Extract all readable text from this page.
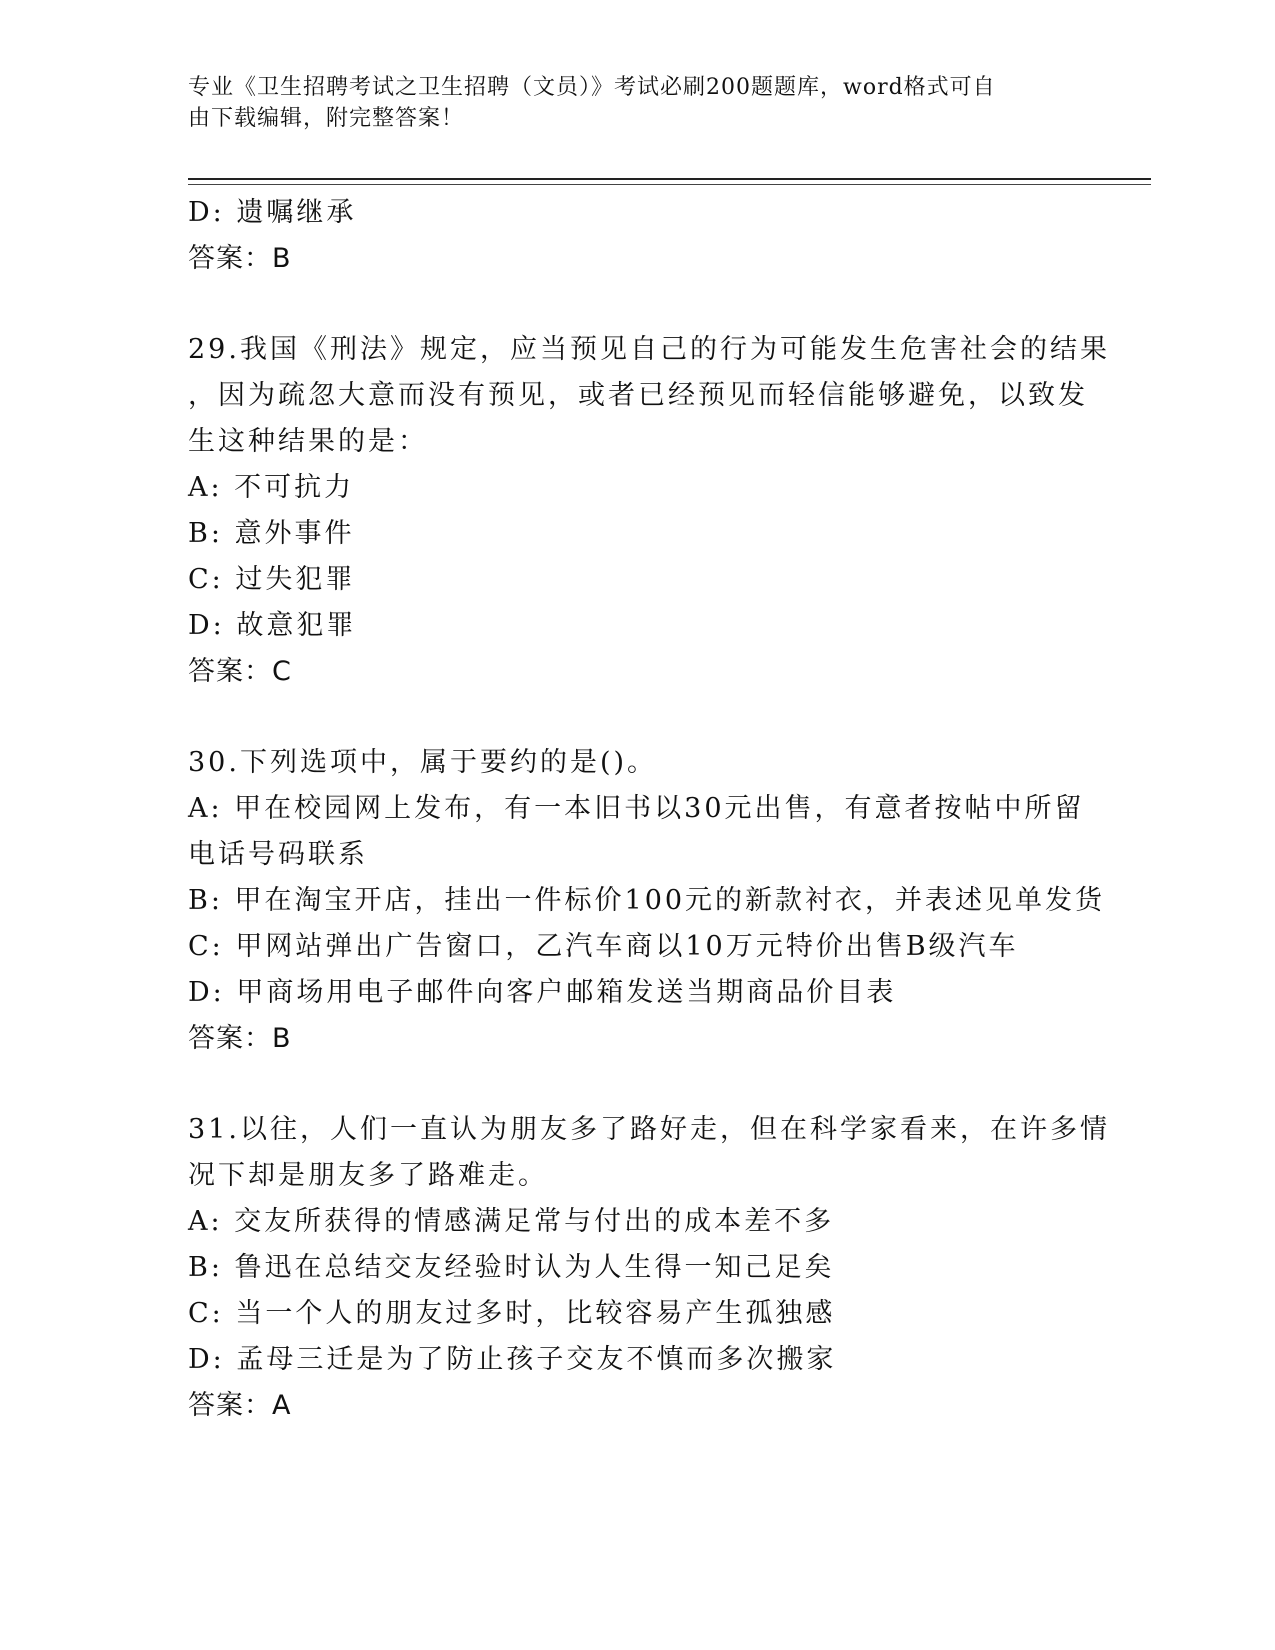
专业《卫生招聘考试之卫生招聘（文员）》考试必刷200题题库，word格式可自
由下载编辑，附完整答案！
D: 遗嘱继承
答案：B
29.我国《刑法》规定，应当预见自己的行为可能发生危害社会的结果
，因为疏忽大意而没有预见，或者已经预见而轻信能够避免，以致发
生这种结果的是：
A: 不可抗力
B: 意外事件
C: 过失犯罪
D: 故意犯罪
答案：C
30.下列选项中，属于要约的是()。
A: 甲在校园网上发布，有一本旧书以30元出售，有意者按帖中所留
电话号码联系
B: 甲在淘宝开店，挂出一件标价100元的新款衬衣，并表述见单发货
C: 甲网站弹出广告窗口，乙汽车商以10万元特价出售B级汽车
D: 甲商场用电子邮件向客户邮箱发送当期商品价目表
答案：B
31.以往，人们一直认为朋友多了路好走，但在科学家看来，在许多情
况下却是朋友多了路难走。
A: 交友所获得的情感满足常与付出的成本差不多
B: 鲁迅在总结交友经验时认为人生得一知己足矣
C: 当一个人的朋友过多时，比较容易产生孤独感
D: 孟母三迁是为了防止孩子交友不慎而多次搬家
答案：A
